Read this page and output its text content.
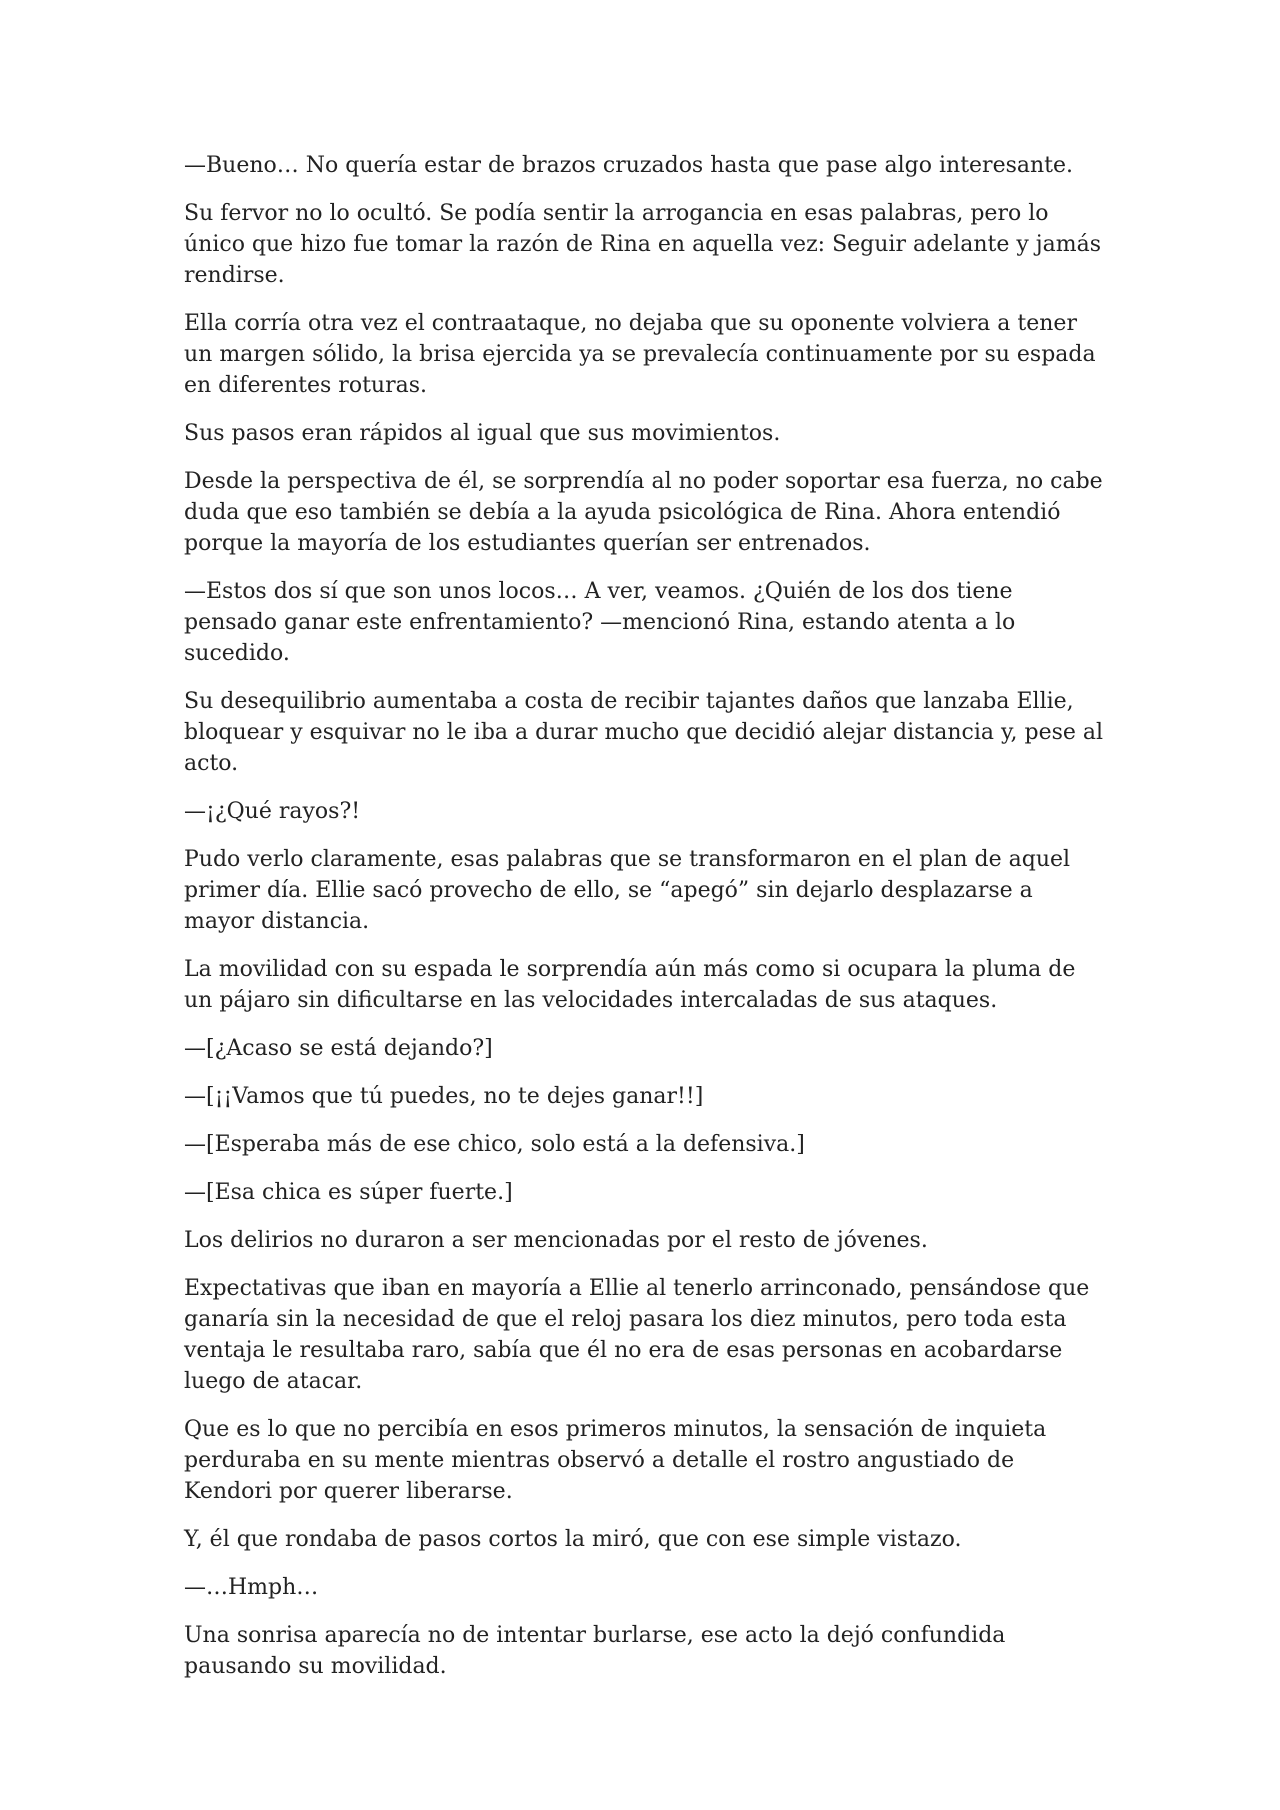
—Bueno… No quería estar de brazos cruzados hasta que pase algo interesante.

Su fervor no lo ocultó. Se podía sentir la arrogancia en esas palabras, pero lo único que hizo fue tomar la razón de Rina en aquella vez: Seguir adelante y jamás rendirse.

Ella corría otra vez el contraataque, no dejaba que su oponente volviera a tener un margen sólido, la brisa ejercida ya se prevalecía continuamente por su espada en diferentes roturas.

Sus pasos eran rápidos al igual que sus movimientos.

Desde la perspectiva de él, se sorprendía al no poder soportar esa fuerza, no cabe duda que eso también se debía a la ayuda psicológica de Rina. Ahora entendió porque la mayoría de los estudiantes querían ser entrenados.

—Estos dos sí que son unos locos… A ver, veamos. ¿Quién de los dos tiene pensado ganar este enfrentamiento? —mencionó Rina, estando atenta a lo sucedido.

Su desequilibrio aumentaba a costa de recibir tajantes daños que lanzaba Ellie, bloquear y esquivar no le iba a durar mucho que decidió alejar distancia y, pese al acto.

—¡¿Qué rayos?!

Pudo verlo claramente, esas palabras que se transformaron en el plan de aquel primer día. Ellie sacó provecho de ello, se “apegó” sin dejarlo desplazarse a mayor distancia.

La movilidad con su espada le sorprendía aún más como si ocupara la pluma de un pájaro sin dificultarse en las velocidades intercaladas de sus ataques.

—[¿Acaso se está dejando?]

—[¡¡Vamos que tú puedes, no te dejes ganar!!]

—[Esperaba más de ese chico, solo está a la defensiva.]

—[Esa chica es súper fuerte.]

Los delirios no duraron a ser mencionadas por el resto de jóvenes.

Expectativas que iban en mayoría a Ellie al tenerlo arrinconado, pensándose que ganaría sin la necesidad de que el reloj pasara los diez minutos, pero toda esta ventaja le resultaba raro, sabía que él no era de esas personas en acobardarse luego de atacar.

Que es lo que no percibía en esos primeros minutos, la sensación de inquieta perduraba en su mente mientras observó a detalle el rostro angustiado de Kendori por querer liberarse.

Y, él que rondaba de pasos cortos la miró, que con ese simple vistazo.

—…Hmph…

Una sonrisa aparecía no de intentar burlarse, ese acto la dejó confundida pausando su movilidad.
